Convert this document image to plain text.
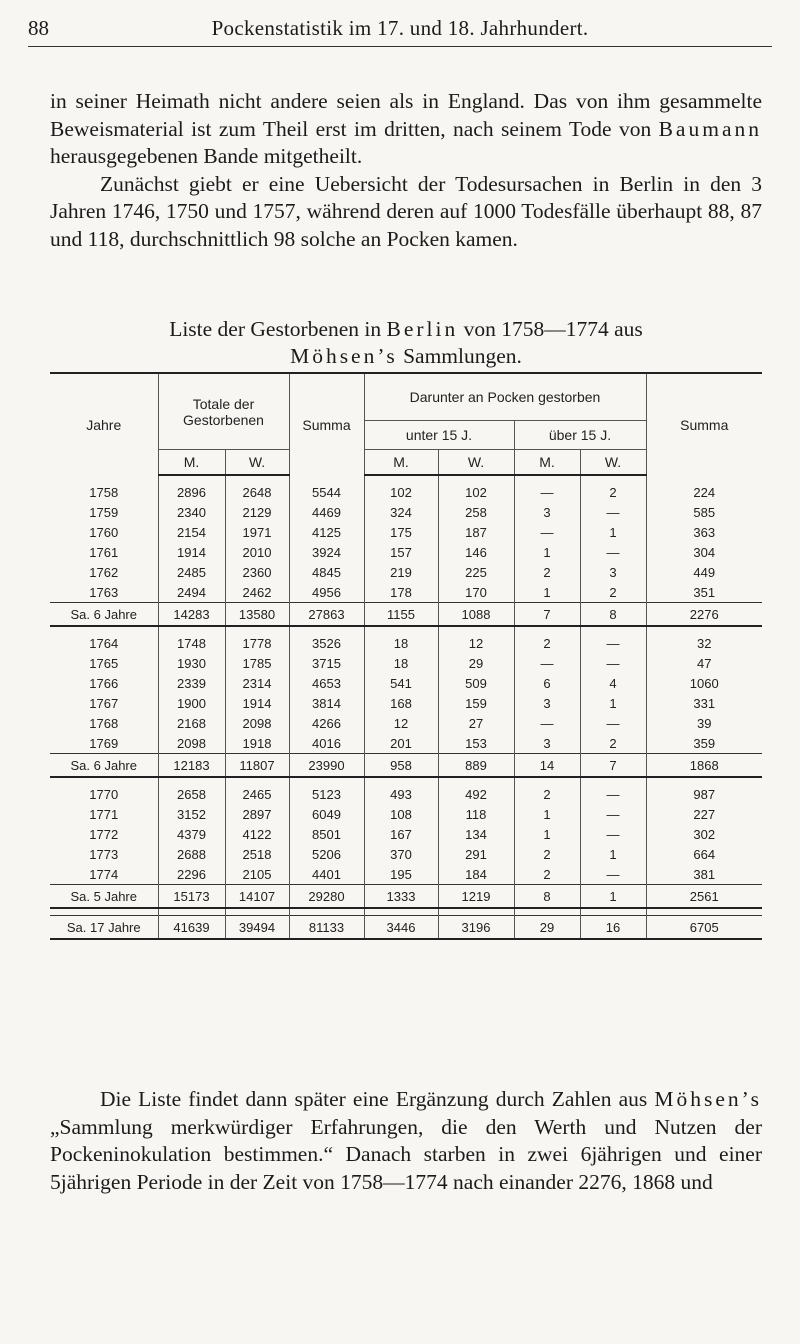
88	Pockenstatistik im 17. und 18. Jahrhundert.

in seiner Heimath nicht andere seien als in England. Das von ihm gesammelte Beweismaterial ist zum Theil erst im dritten, nach seinem Tode von Baumann herausgegebenen Bande mitgetheilt.

Zunächst giebt er eine Uebersicht der Todesursachen in Berlin in den 3 Jahren 1746, 1750 und 1757, während deren auf 1000 Todesfälle überhaupt 88, 87 und 118, durchschnittlich 98 solche an Pocken kamen.

Liste der Gestorbenen in Berlin von 1758—1774 aus
Möhsen’s Sammlungen.
Jahre	Totale der Gestorbenen		Summa	Darunter an Pocken gestorben				Summa
				unter 15 J.		über 15 J.		
	M.	W.		M.	W.	M.	W.	

1758	2896	2648	5544	102	102	—	2	224
1759	2340	2129	4469	324	258	3	—	585
1760	2154	1971	4125	175	187	—	1	363
1761	1914	2010	3924	157	146	1	—	304
1762	2485	2360	4845	219	225	2	3	449
1763	2494	2462	4956	178	170	1	2	351
Sa. 6 Jahre	14283	13580	27863	1155	1088	7	8	2276

1764	1748	1778	3526	18	12	2	—	32
1765	1930	1785	3715	18	29	—	—	47
1766	2339	2314	4653	541	509	6	4	1060
1767	1900	1914	3814	168	159	3	1	331
1768	2168	2098	4266	12	27	—	—	39
1769	2098	1918	4016	201	153	3	2	359
Sa. 6 Jahre	12183	11807	23990	958	889	14	7	1868

1770	2658	2465	5123	493	492	2	—	987
1771	3152	2897	6049	108	118	1	—	227
1772	4379	4122	8501	167	134	1	—	302
1773	2688	2518	5206	370	291	2	1	664
1774	2296	2105	4401	195	184	2	—	381
Sa. 5 Jahre	15173	14107	29280	1333	1219	8	1	2561

Sa. 17 Jahre	41639	39494	81133	3446	3196	29	16	6705

Die Liste findet dann später eine Ergänzung durch Zahlen aus Möhsen’s „Sammlung merkwürdiger Erfahrungen, die den Werth und Nutzen der Pockeninokulation bestimmen.“ Danach starben in zwei 6jährigen und einer 5jährigen Periode in der Zeit von 1758—1774 nach einander 2276, 1868 und
